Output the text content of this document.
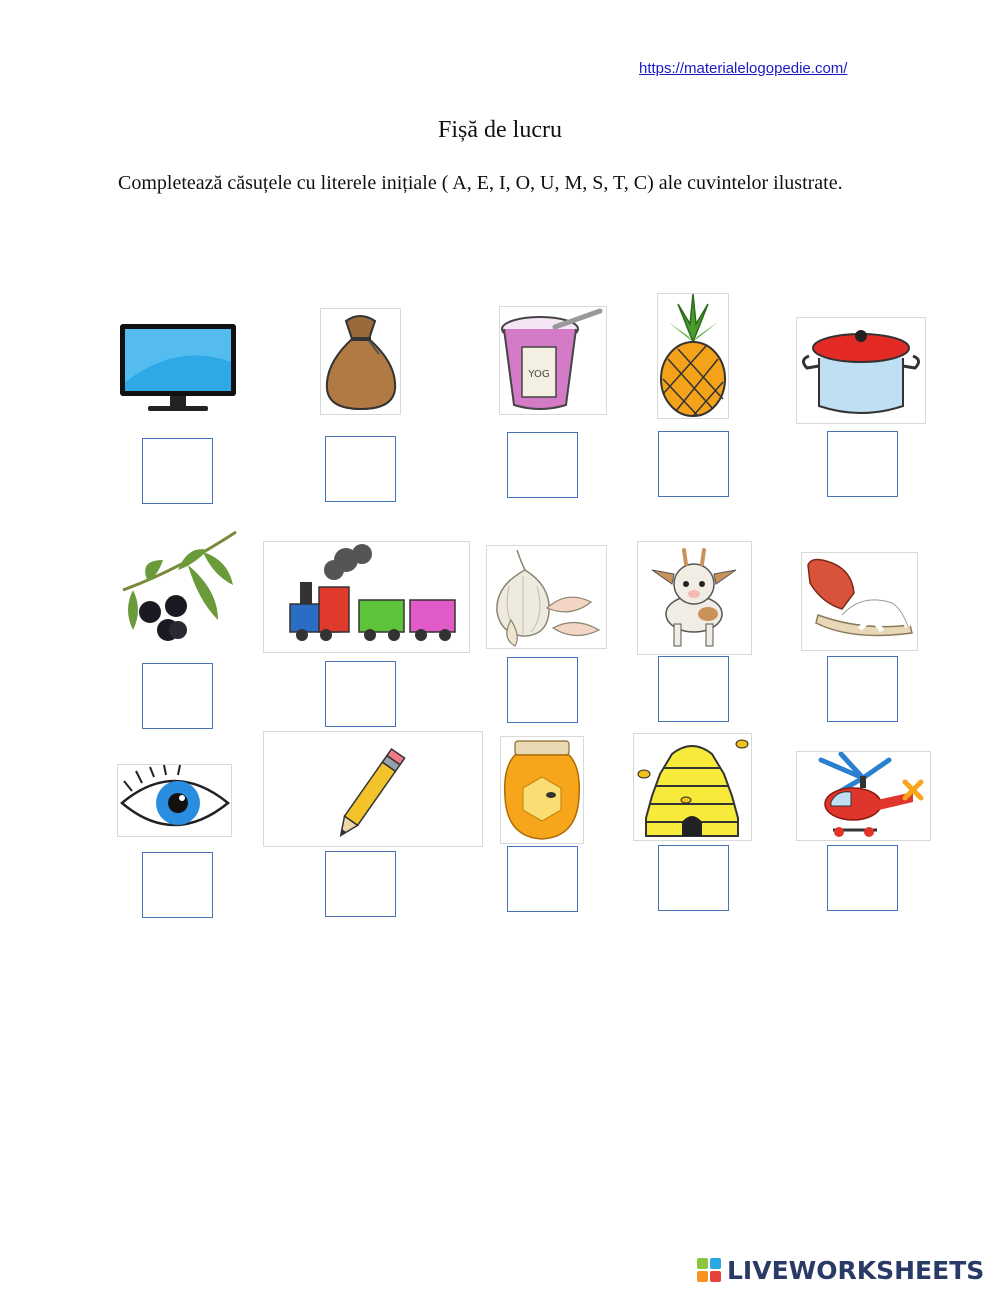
https://materialelogopedie.com/
Fișă de lucru
Completează căsuțele cu literele inițiale ( A, E, I, O, U, M, S, T, C) ale cuvintelor ilustrate.
YOG
LIVEWORKSHEETS
